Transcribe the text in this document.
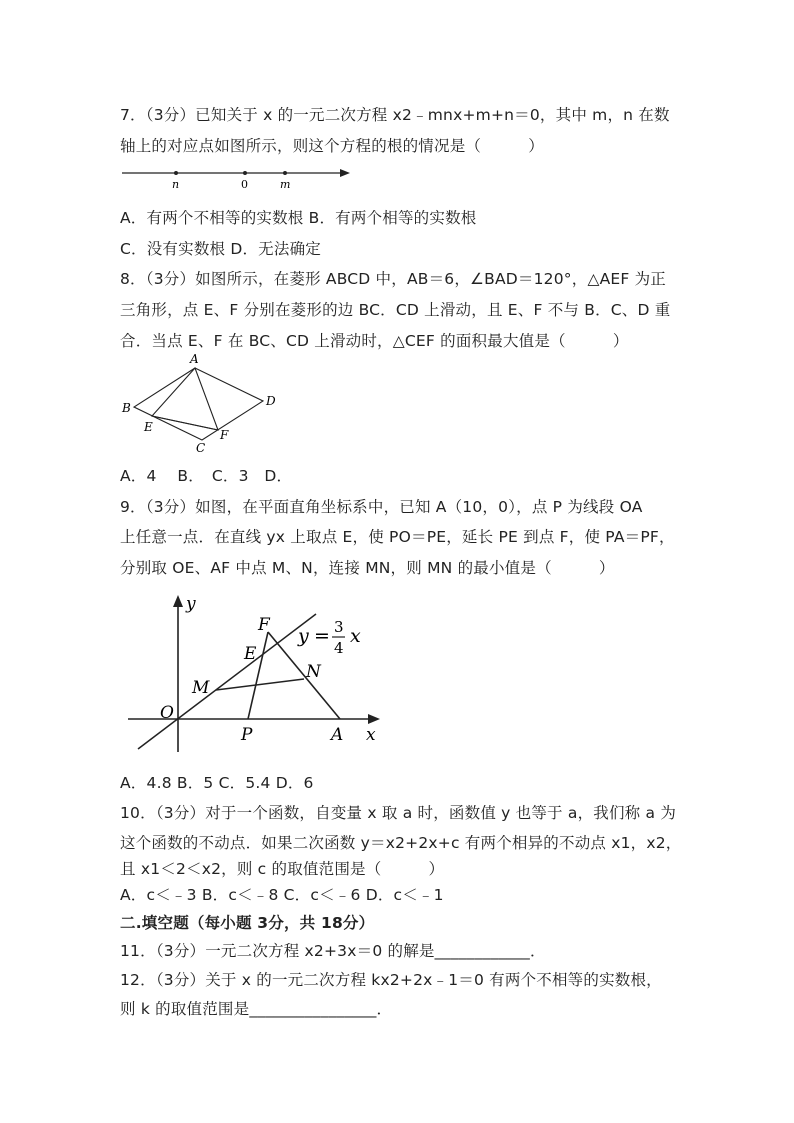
7．（3分）已知关于 x 的一元二次方程 x2﹣mnx+m+n＝0，其中 m，n 在数
轴上的对应点如图所示，则这个方程的根的情况是（　　　）
n	0	m
A．有两个不相等的实数根 B．有两个相等的实数根
C．没有实数根 D．无法确定
8．（3分）如图所示，在菱形 ABCD 中，AB＝6，∠BAD＝120°，△AEF 为正
三角形，点 E、F 分别在菱形的边 BC．CD 上滑动，且 E、F 不与 B．C、D 重
合．当点 E、F 在 BC、CD 上滑动时，△CEF 的面积最大值是（　　　）
A
B
C
D
E
F
A．4　 B．　C．3　D．
9．（3分）如图，在平面直角坐标系中，已知 A（10，0），点 P 为线段 OA
上任意一点．在直线 yx 上取点 E，使 PO＝PE，延长 PE 到点 F，使 PA＝PF，
分别取 OE、AF 中点 M、N，连接 MN，则 MN 的最小值是（　　　）
y
x
O
P	A
E
F
M
N
y = 3
4
x
A．4.8 B．5 C．5.4 D．6
10．（3分）对于一个函数，自变量 x 取 a 时，函数值 y 也等于 a，我们称 a 为
这个函数的不动点．如果二次函数 y＝x2+2x+c 有两个相异的不动点 x1，x2，
且 x1＜2＜x2，则 c 的取值范围是（　　　）
A．c＜﹣3 B．c＜﹣8 C．c＜﹣6 D．c＜﹣1
二.填空题（每小题 3分，共 18分）
11．（3分）一元二次方程 x2+3x＝0 的解是____________．
12．（3分）关于 x 的一元二次方程 kx2+2x﹣1＝0 有两个不相等的实数根，
则 k 的取值范围是________________．
